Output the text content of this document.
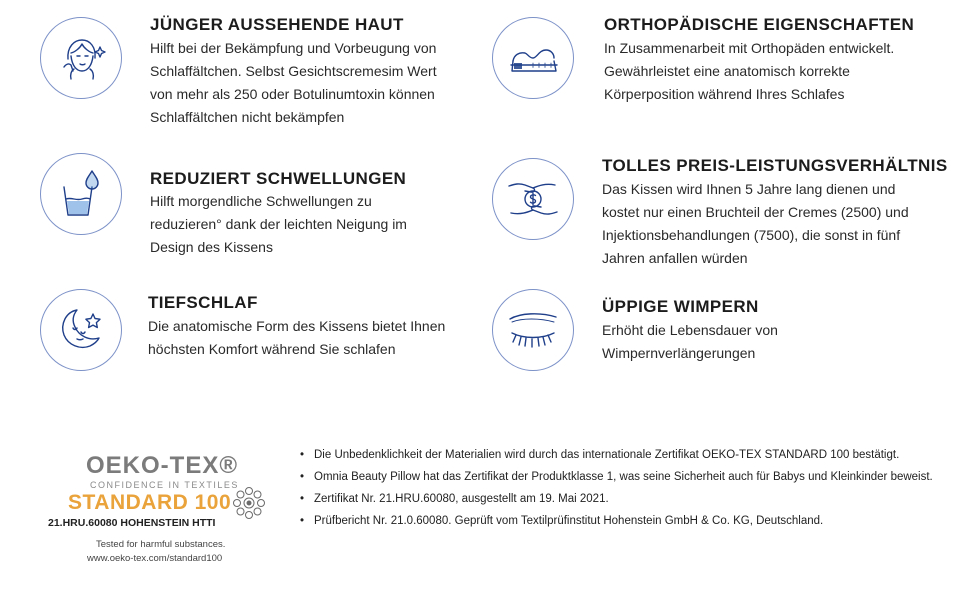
JÜNGER AUSSEHENDE HAUT

Hilft bei der Bekämpfung und Vorbeugung von
Schlaffältchen. Selbst Gesichtscremesim Wert
von mehr als 250 oder Botulinumtoxin können
Schlaffältchen nicht bekämpfen

ORTHOPÄDISCHE EIGENSCHAFTEN

In Zusammenarbeit mit Orthopäden entwickelt.
Gewährleistet eine anatomisch korrekte
Körperposition während Ihres Schlafes

REDUZIERT SCHWELLUNGEN

Hilft morgendliche Schwellungen zu
reduzieren° dank der leichten Neigung im
Design des Kissens

TOLLES PREIS-LEISTUNGSVERHÄLTNIS

Das Kissen wird Ihnen 5 Jahre lang dienen und
kostet nur einen Bruchteil der Cremes (2500) und
Injektionsbehandlungen (7500), die sonst in fünf
Jahren anfallen würden

TIEFSCHLAF

Die anatomische Form des Kissens bietet Ihnen
höchsten Komfort während Sie schlafen

ÜPPIGE WIMPERN

Erhöht die Lebensdauer von
Wimpernverlängerungen

OEKO-TEX®
CONFIDENCE IN TEXTILES
STANDARD 100
21.HRU.60080 HOHENSTEIN HTTI
Tested for harmful substances.
www.oeko-tex.com/standard100
• Die Unbedenklichkeit der Materialien wird durch das internationale Zertifikat OEKO-TEX STANDARD 100 bestätigt.
• Omnia Beauty Pillow hat das Zertifikat der Produktklasse 1, was seine Sicherheit auch für Babys und Kleinkinder beweist.
• Zertifikat Nr. 21.HRU.60080, ausgestellt am 19. Mai 2021.
• Prüfbericht Nr. 21.0.60080. Geprüft vom Textilprüfinstitut Hohenstein GmbH & Co. KG, Deutschland.
